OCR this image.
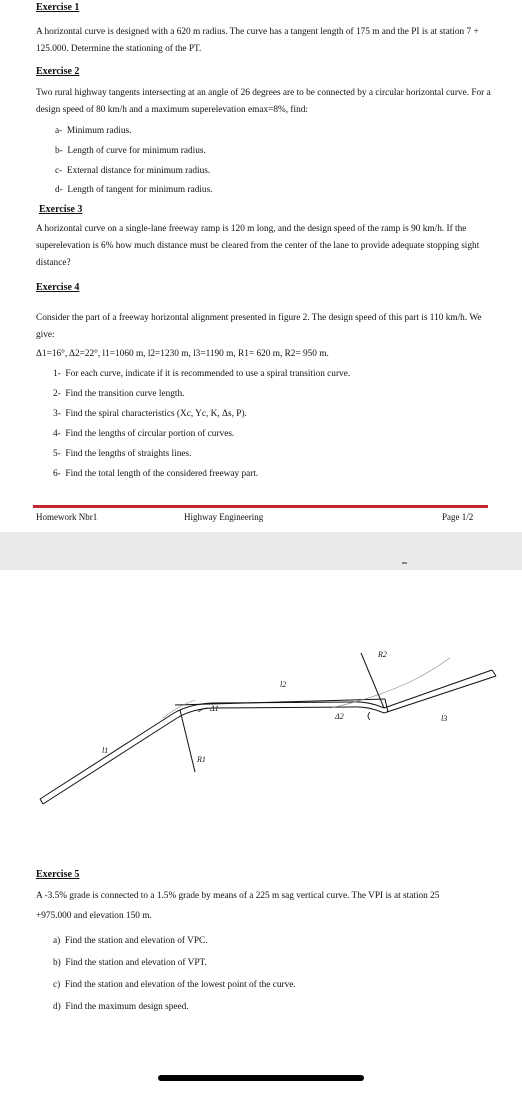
Exercise 1
A horizontal curve is designed with a 620 m radius. The curve has a tangent length of 175 m and the PI is at station 7 + 125.000. Determine the stationing of the PT.
Exercise 2
Two rural highway tangents intersecting at an angle of 26 degrees are to be connected by a circular horizontal curve. For a design speed of 80 km/h and a maximum superelevation emax=8%, find:
a- Minimum radius.
b- Length of curve for minimum radius.
c- External distance for minimum radius.
d- Length of tangent for minimum radius.
Exercise 3
A horizontal curve on a single-lane freeway ramp is 120 m long, and the design speed of the ramp is 90 km/h. If the superelevation is 6% how much distance must be cleared from the center of the lane to provide adequate stopping sight distance?
Exercise 4
Consider the part of a freeway horizontal alignment presented in figure 2. The design speed of this part is 110 km/h. We give:
Δ1=16°, Δ2=22°, l1=1060 m, l2=1230 m, l3=1190 m, R1= 620 m, R2= 950 m.
1- For each curve, indicate if it is recommended to use a spiral transition curve.
2- Find the transition curve length.
3- Find the spiral characteristics (Xc, Yc, K, Δs, P).
4- Find the lengths of circular portion of curves.
5- Find the lengths of straights lines.
6- Find the total length of the considered freeway part.
Homework Nbr1	Highway Engineering	Page 1/2
l1
l2
l3
Δ1
Δ2
R1
R2
Exercise 5
A -3.5% grade is connected to a 1.5% grade by means of a 225 m sag vertical curve. The VPI is at station 25 +975.000 and elevation 150 m.
a) Find the station and elevation of VPC.
b) Find the station and elevation of VPT.
c) Find the station and elevation of the lowest point of the curve.
d) Find the maximum design speed.
